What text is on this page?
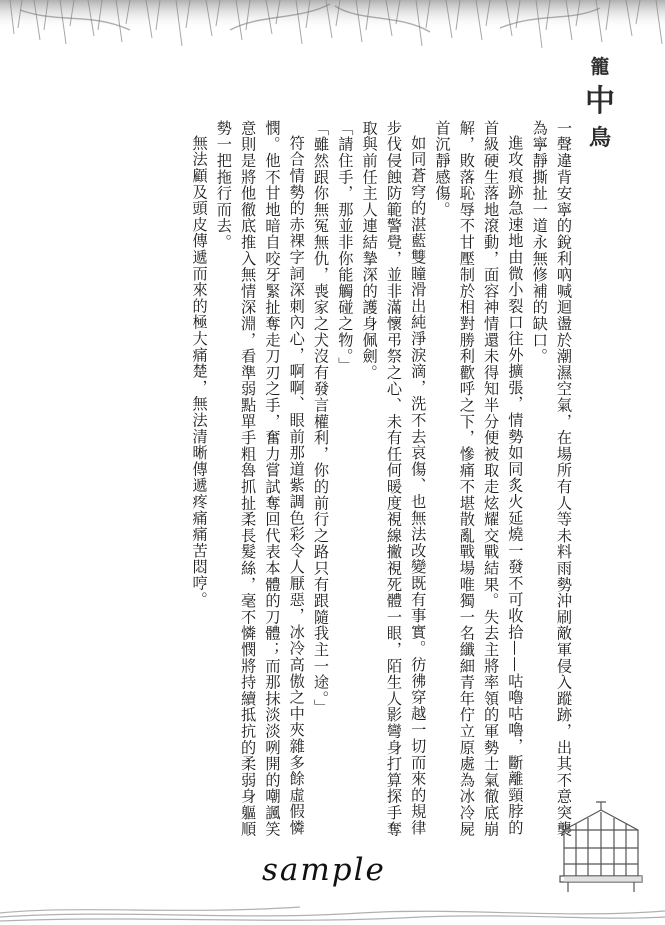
籠
中
鳥

一聲違背安寧的銳利吶喊迴盪於潮濕空氣，在場所有人等未料雨勢沖刷敵軍侵入蹤跡，出其不意突襲為寧靜撕扯一道永無修補的缺口。

進攻痕跡急速地由微小裂口往外擴張，情勢如同炙火延燒一發不可收拾——咕嚕咕嚕，斷離頸脖的首級硬生落地滾動，面容神情還未得知半分便被取走炫耀交戰結果。失去主將率領的軍勢士氣徹底崩解，敗落恥辱不甘壓制於相對勝利歡呼之下，慘痛不堪散亂戰場唯獨一名纖細青年佇立原處為冰冷屍首沉靜感傷。

如同蒼穹的湛藍雙瞳滑出純淨淚滴，洗不去哀傷、也無法改變既有事實。彷彿穿越一切而來的規律步伐侵蝕防範警覺，並非滿懷弔祭之心、未有任何暖度視線撇視死體一眼，陌生人影彎身打算探手奪取與前任主人連結摯深的護身佩劍。

「請住手，那並非你能觸碰之物。」

「雖然跟你無冤無仇，喪家之犬沒有發言權利，你的前行之路只有跟隨我主一途。」

符合情勢的赤裸字詞深刺內心，啊啊、眼前那道紫調色彩令人厭惡，冰冷高傲之中夾雜多餘虛假憐憫。他不甘地暗自咬牙緊扯奪走刀刃之手，奮力嘗試奪回代表本體的刀體；而那抹淡淡咧開的嘲諷笑意則是將他徹底推入無情深淵，看準弱點單手粗魯抓扯柔長髮絲，毫不憐憫將持續抵抗的柔弱身軀順勢一把拖行而去。

無法顧及頭皮傳遞而來的極大痛楚，無法清晰傳遞疼痛痛苦悶哼。

sample
